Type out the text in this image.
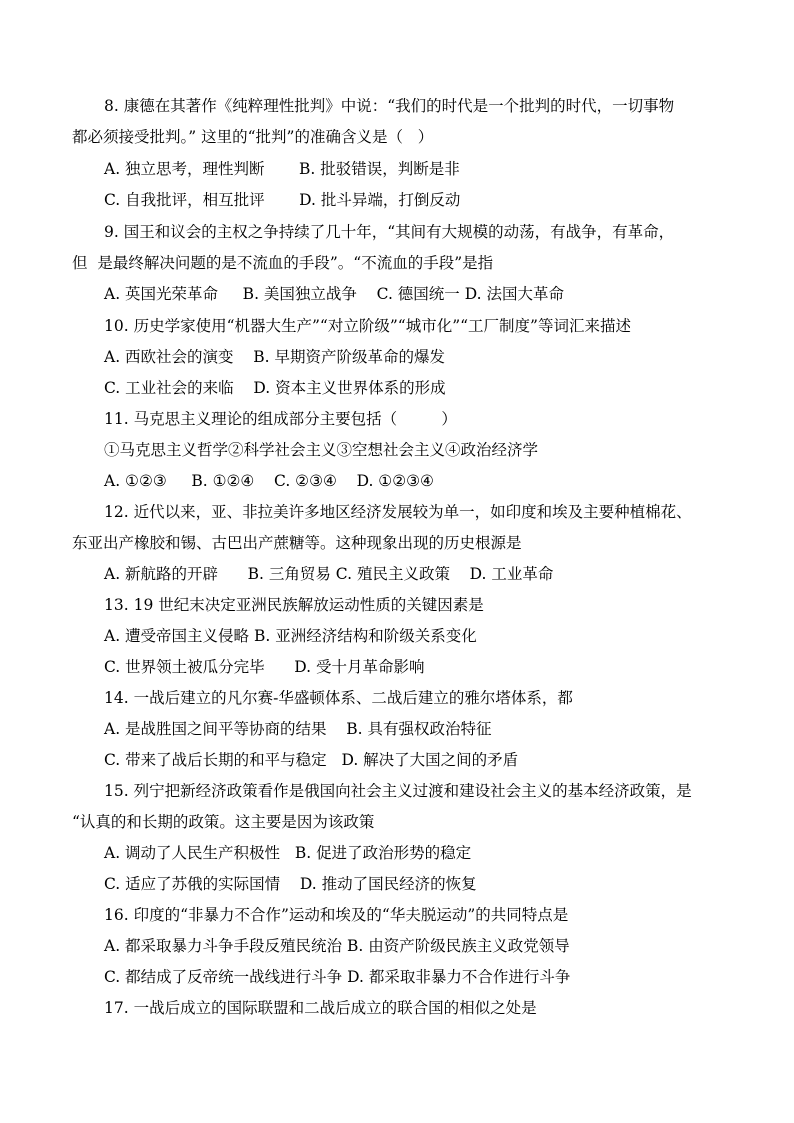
8. 康德在其著作《纯粹理性批判》中说：“我们的时代是一个批判的时代，一切事物
都必须接受批判。” 这里的“批判”的准确含义是（   ）
A. 独立思考，理性判断       B. 批驳错误，判断是非
C. 自我批评，相互批评       D. 批斗异端，打倒反动
9. 国王和议会的主权之争持续了几十年，“其间有大规模的动荡，有战争，有革命，
但  是最终解决问题的是不流血的手段”。“不流血的手段”是指
A. 英国光荣革命     B. 美国独立战争    C. 德国统一 D. 法国大革命
10. 历史学家使用“机器大生产”“对立阶级”“城市化”“工厂制度”等词汇来描述
A. 西欧社会的演变    B. 早期资产阶级革命的爆发
C. 工业社会的来临    D. 资本主义世界体系的形成
11. 马克思主义理论的组成部分主要包括（         ）
①马克思主义哲学②科学社会主义③空想社会主义④政治经济学
A. ①②③     B. ①②④    C. ②③④    D. ①②③④
12. 近代以来，亚、非拉美许多地区经济发展较为单一，如印度和埃及主要种植棉花、
东亚出产橡胶和锡、古巴出产蔗糖等。这种现象出现的历史根源是
A. 新航路的开辟      B. 三角贸易 C. 殖民主义政策    D. 工业革命
13. 19 世纪末决定亚洲民族解放运动性质的关键因素是
A. 遭受帝国主义侵略 B. 亚洲经济结构和阶级关系变化
C. 世界领土被瓜分完毕      D. 受十月革命影响
14. 一战后建立的凡尔赛-华盛顿体系、二战后建立的雅尔塔体系，都
A. 是战胜国之间平等协商的结果    B. 具有强权政治特征
C. 带来了战后长期的和平与稳定   D. 解决了大国之间的矛盾
15. 列宁把新经济政策看作是俄国向社会主义过渡和建设社会主义的基本经济政策，是
“认真的和长期的政策。这主要是因为该政策
A. 调动了人民生产积极性   B. 促进了政治形势的稳定
C. 适应了苏俄的实际国情    D. 推动了国民经济的恢复
16. 印度的“非暴力不合作”运动和埃及的“华夫脱运动”的共同特点是
A. 都采取暴力斗争手段反殖民统治 B. 由资产阶级民族主义政党领导
C. 都结成了反帝统一战线进行斗争 D. 都采取非暴力不合作进行斗争
17. 一战后成立的国际联盟和二战后成立的联合国的相似之处是
